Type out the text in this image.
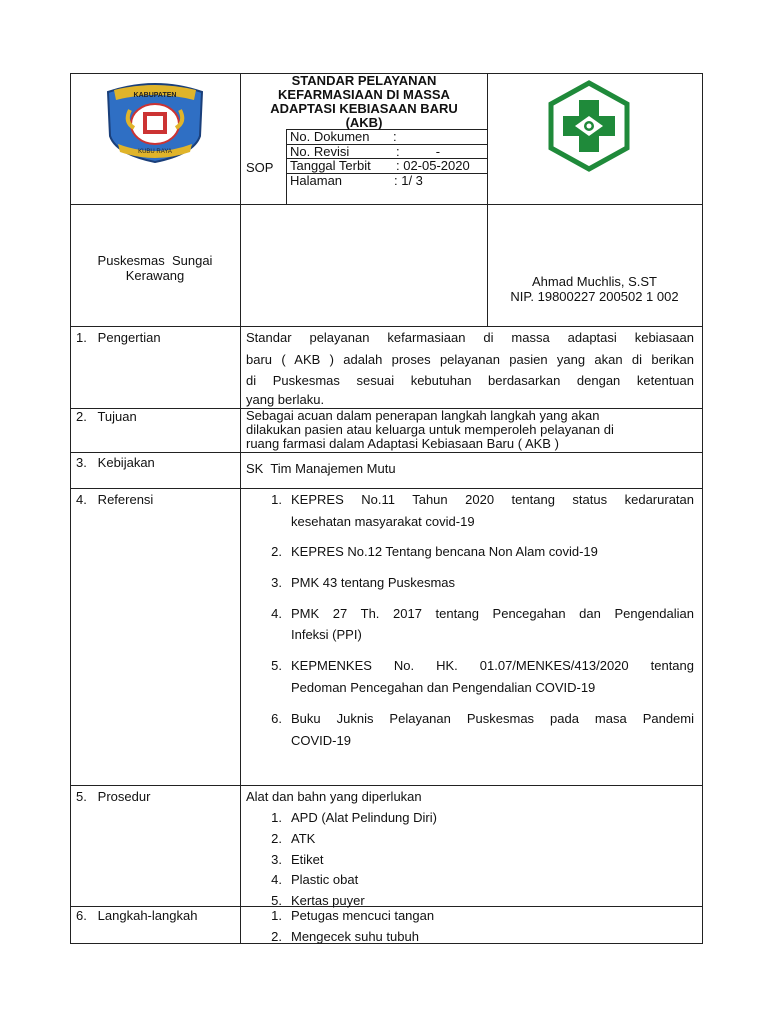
KABUPATEN
KUBU RAYA
STANDAR PELAYANAN
KEFARMASIAAN DI MASSA
ADAPTASI KEBIASAAN BARU
(AKB)
SOP
No. Dokumen :
No. Revisi	:          -
Tanggal Terbit : 02-05-2020
Halaman	: 1/ 3
Puskesmas  Sungai
Kerawang	Ahmad Muchlis, S.ST
NIP. 19800227 200502 1 002
1.   Pengertian	Standar pelayanan kefarmasiaan di massa adaptasi kebiasaan
baru ( AKB ) adalah proses pelayanan pasien yang akan di berikan
di Puskesmas sesuai kebutuhan berdasarkan dengan ketentuan
yang berlaku.
2.   Tujuan	Sebagai acuan dalam penerapan langkah langkah yang akan
dilakukan pasien atau keluarga untuk memperoleh pelayanan di
ruang farmasi dalam Adaptasi Kebiasaan Baru ( AKB )
3.   Kebijakan	SK  Tim Manajemen Mutu
4.   Referensi	1. KEPRES No.11 Tahun 2020 tentang status kedaruratan
kesehatan masyarakat covid-19
2. KEPRES No.12 Tentang bencana Non Alam covid-19
3. PMK 43 tentang Puskesmas
4. PMK 27 Th. 2017 tentang Pencegahan dan Pengendalian
Infeksi (PPI)
5. KEPMENKES No. HK. 01.07/MENKES/413/2020 tentang
Pedoman Pencegahan dan Pengendalian COVID-19
6. Buku Juknis Pelayanan Puskesmas pada masa Pandemi
COVID-19
5.   Prosedur	Alat dan bahn yang diperlukan
1. APD (Alat Pelindung Diri)
2. ATK
3. Etiket
4. Plastic obat
5. Kertas puyer
6.   Langkah-langkah	1. Petugas mencuci tangan
2. Mengecek suhu tubuh
